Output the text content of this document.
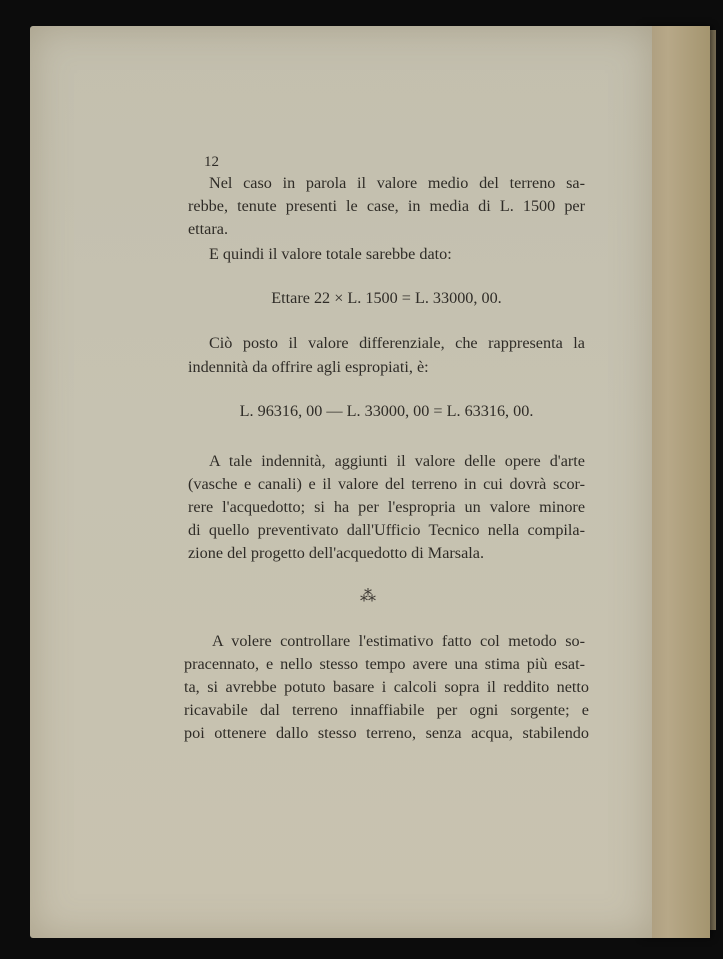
12
Nel caso in parola il valore medio del terreno sa-
rebbe, tenute presenti le case, in media di L. 1500 per
ettara.
E quindi il valore totale sarebbe dato:
Ettare 22 × L. 1500 = L. 33000, 00.
Ciò posto il valore differenziale, che rappresenta la
indennità da offrire agli espropiati, è:
L. 96316, 00 — L. 33000, 00 = L. 63316, 00.
A tale indennità, aggiunti il valore delle opere d'arte
(vasche e canali) e il valore del terreno in cui dovrà scor-
rere l'acquedotto; si ha per l'espropria un valore minore
di quello preventivato dall'Ufficio Tecnico nella compila-
zione del progetto dell'acquedotto di Marsala.
⁂
A volere controllare l'estimativo fatto col metodo so-
pracennato, e nello stesso tempo avere una stima più esat-
ta, si avrebbe potuto basare i calcoli sopra il reddito netto
ricavabile dal terreno innaffiabile per ogni sorgente; e
poi ottenere dallo stesso terreno, senza acqua, stabilendo
